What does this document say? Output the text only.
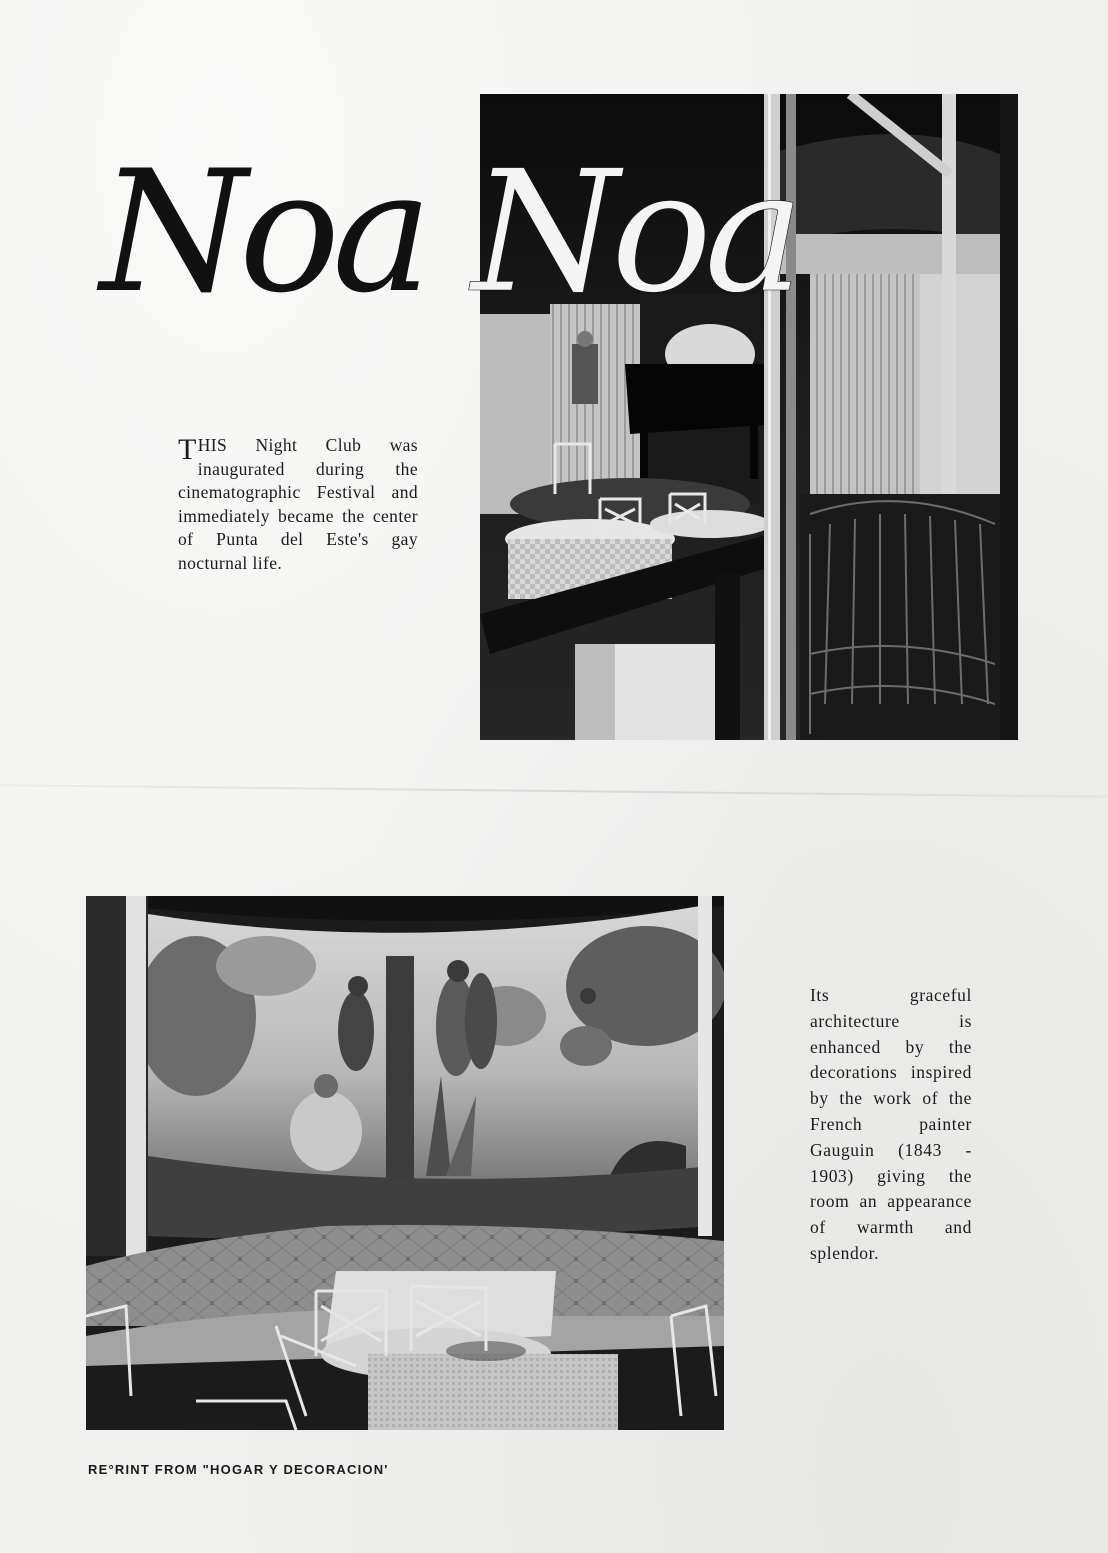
Noa Noa
T HIS Night Club was inaugurated during the cinematographic Festival and immediately became the center of Punta del Este's gay nocturnal life.

Its graceful architecture is enhanced by the decorations inspired by the work of the French painter Gauguin (1843 - 1903) giving the room an appearance of warmth and splendor.

RE°RINT FROM "HOGAR Y DECORACION'
